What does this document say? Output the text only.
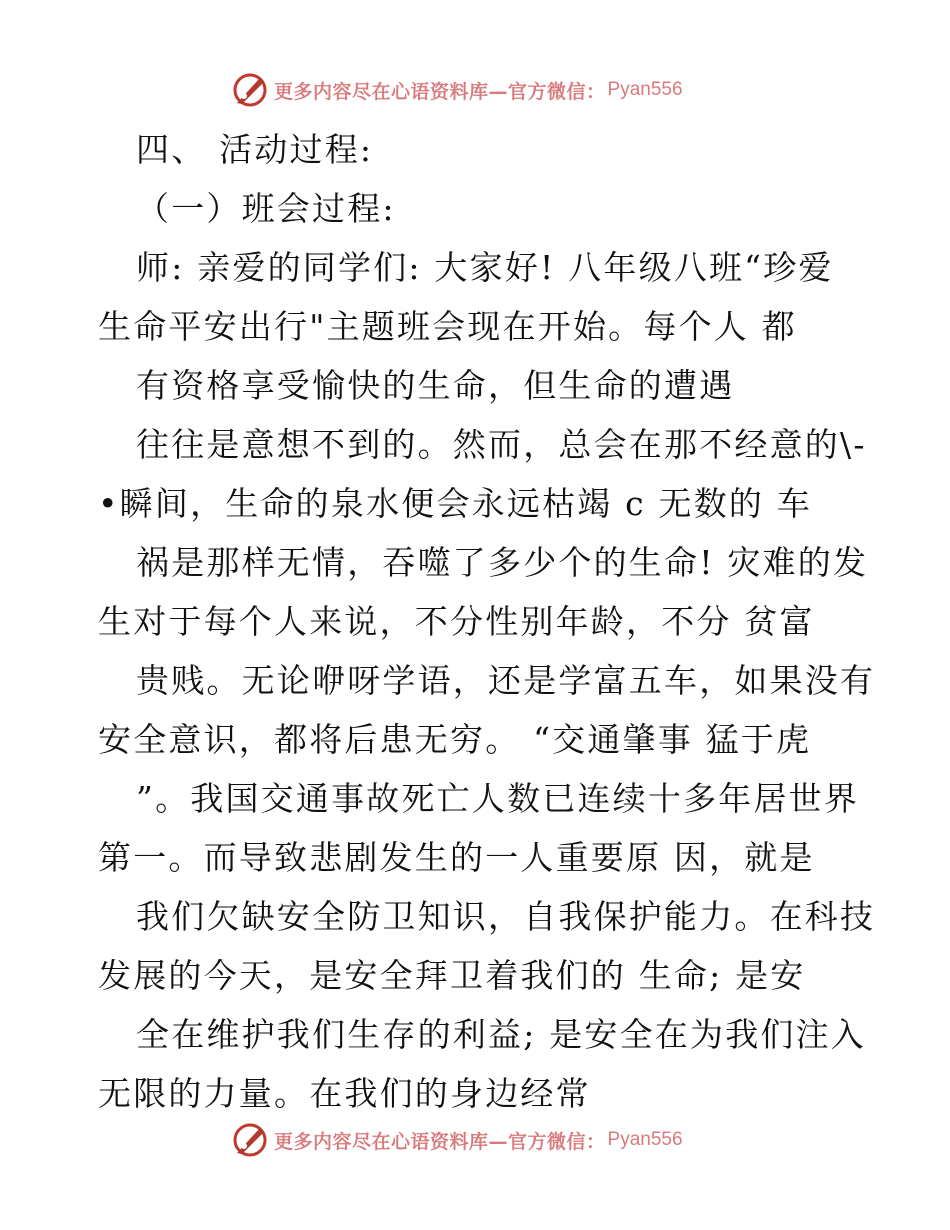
更多内容尽在心语资料库—官方微信： Pyan556
四、 活动过程:
（一）班会过程:
师: 亲爱的同学们: 大家好! 八年级八班“珍爱
生命平安出行"主题班会现在开始。每个人 都
有资格享受愉快的生命，但生命的遭遇
往往是意想不到的。然而，总会在那不经意的\-
•瞬间，生命的泉水便会永远枯竭 c 无数的 车
祸是那样无情，吞噬了多少个的生命! 灾难的发
生对于每个人来说，不分性别年龄，不分 贫富
贵贱。无论咿呀学语，还是学富五车，如果没有
安全意识，都将后患无穷。 “交通肇事 猛于虎
”。我国交通事故死亡人数已连续十多年居世界
第一。而导致悲剧发生的一人重要原 因，就是
我们欠缺安全防卫知识，自我保护能力。在科技
发展的今天，是安全拜卫着我们的 生命; 是安
全在维护我们生存的利益; 是安全在为我们注入
无限的力量。在我们的身边经常
更多内容尽在心语资料库—官方微信： Pyan556
